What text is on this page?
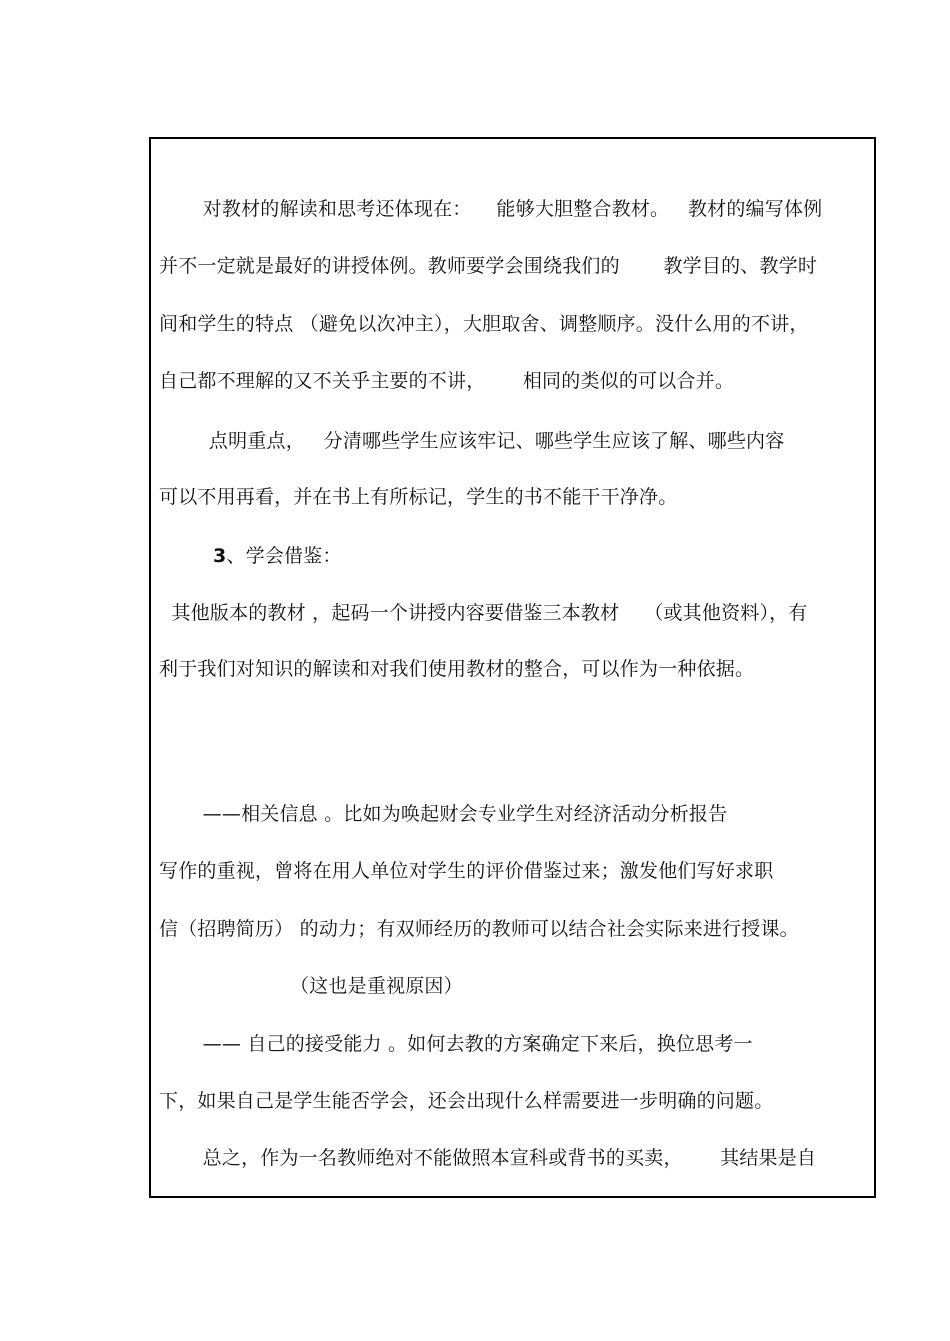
对教材的解读和思考还体现在：    能够大胆整合教材。   教材的编写体例
并不一定就是最好的讲授体例。教师要学会围绕我们的       教学目的、教学时
间和学生的特点 （避免以次冲主），大胆取舍、调整顺序。没什么用的不讲，
自己都不理解的又不关乎主要的不讲，      相同的类似的可以合并。
点明重点，   分清哪些学生应该牢记、哪些学生应该了解、哪些内容
可以不用再看，并在书上有所标记，学生的书不能干干净净。
3、学会借鉴：
其他版本的教材 ，起码一个讲授内容要借鉴三本教材    （或其他资料），有
利于我们对知识的解读和对我们使用教材的整合，可以作为一种依据。
——相关信息 。比如为唤起财会专业学生对经济活动分析报告
写作的重视，曾将在用人单位对学生的评价借鉴过来；激发他们写好求职
信（招聘简历） 的动力；有双师经历的教师可以结合社会实际来进行授课。
（这也是重视原因）
—— 自己的接受能力 。如何去教的方案确定下来后，换位思考一
下，如果自己是学生能否学会，还会出现什么样需要进一步明确的问题。
总之，作为一名教师绝对不能做照本宣科或背书的买卖，      其结果是自
